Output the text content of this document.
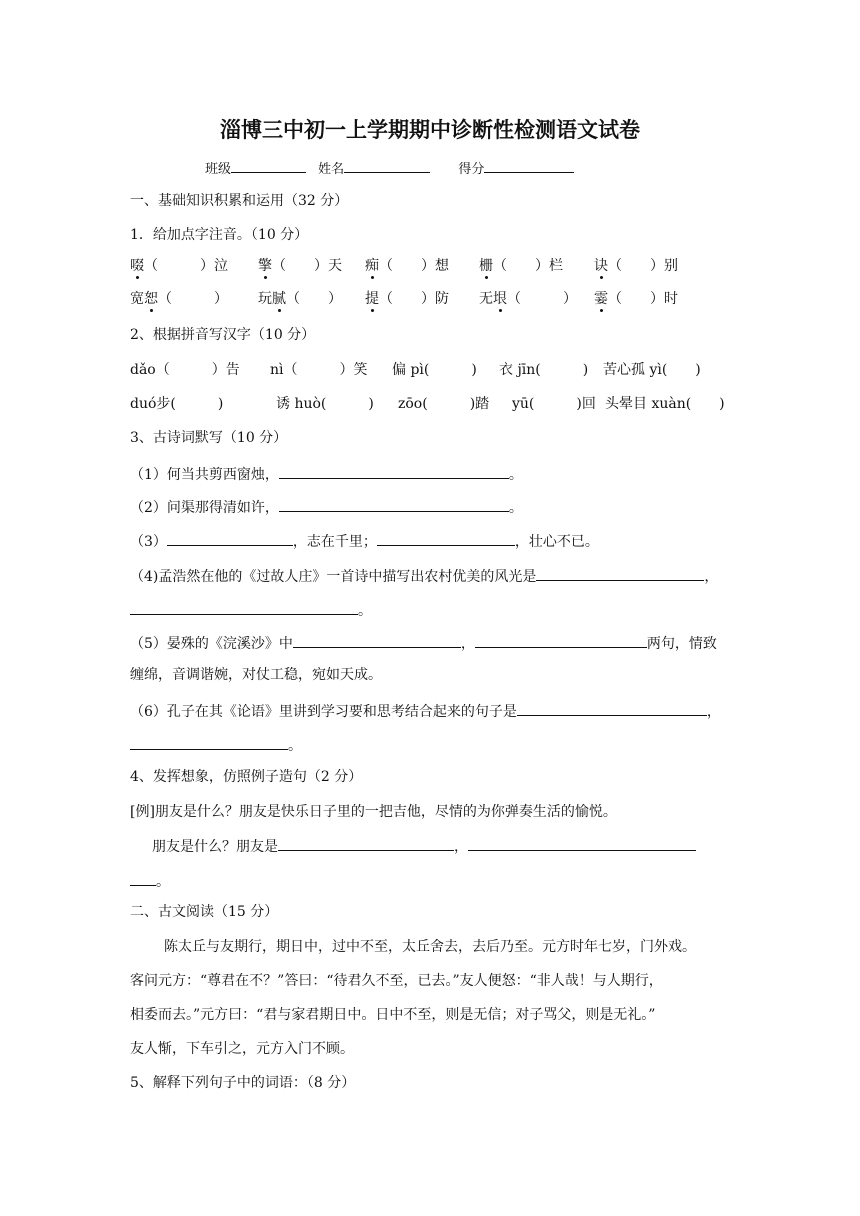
淄博三中初一上学期期中诊断性检测语文试卷
班级	姓名	得分
一、基础知识积累和运用（32 分）
1．给加点字注音。（10 分）
啜（　　　）泣 擎（　　）天 痴（　　）想 栅（　　）栏 诀（　　）别
宽恕（　　　） 玩腻（　　） 提（　　）防 无垠（　　　） 霎（　　）时
2、根据拼音写汉字（10 分）
dǎo（　　　）告 nì（　　　）笑 偏 pì(　　　) 衣 jīn(　　　) 苦心孤 yì(　　)
duó步(　　　)	诱 huò(　　　) zōo(　　　)踏 yū(　　　)回 头晕目 xuàn(　　)
3、古诗词默写（10 分）
（1）何当共剪西窗烛，	。
（2）问渠那得清如许，	。
（3）	，志在千里；	，壮心不已。
（4)孟浩然在他的《过故人庄》一首诗中描写出农村优美的风光是	，
。
（5）晏殊的《浣溪沙》中	，	两句，情致
缠绵，音调谐婉，对仗工稳，宛如天成。
（6）孔子在其《论语》里讲到学习要和思考结合起来的句子是	，
。
4、发挥想象，仿照例子造句（2 分）
[例]朋友是什么？朋友是快乐日子里的一把吉他，尽情的为你弹奏生活的愉悦。
朋友是什么？朋友是	，
。
二、古文阅读（15 分）
陈太丘与友期行，期日中，过中不至，太丘舍去，去后乃至。元方时年七岁，门外戏。
客问元方：“尊君在不？”答曰：“待君久不至，已去。”友人便怒：“非人哉！与人期行，
相委而去。”元方曰：“君与家君期日中。日中不至，则是无信；对子骂父，则是无礼。”
友人惭，下车引之，元方入门不顾。
5、解释下列句子中的词语：（8 分）
